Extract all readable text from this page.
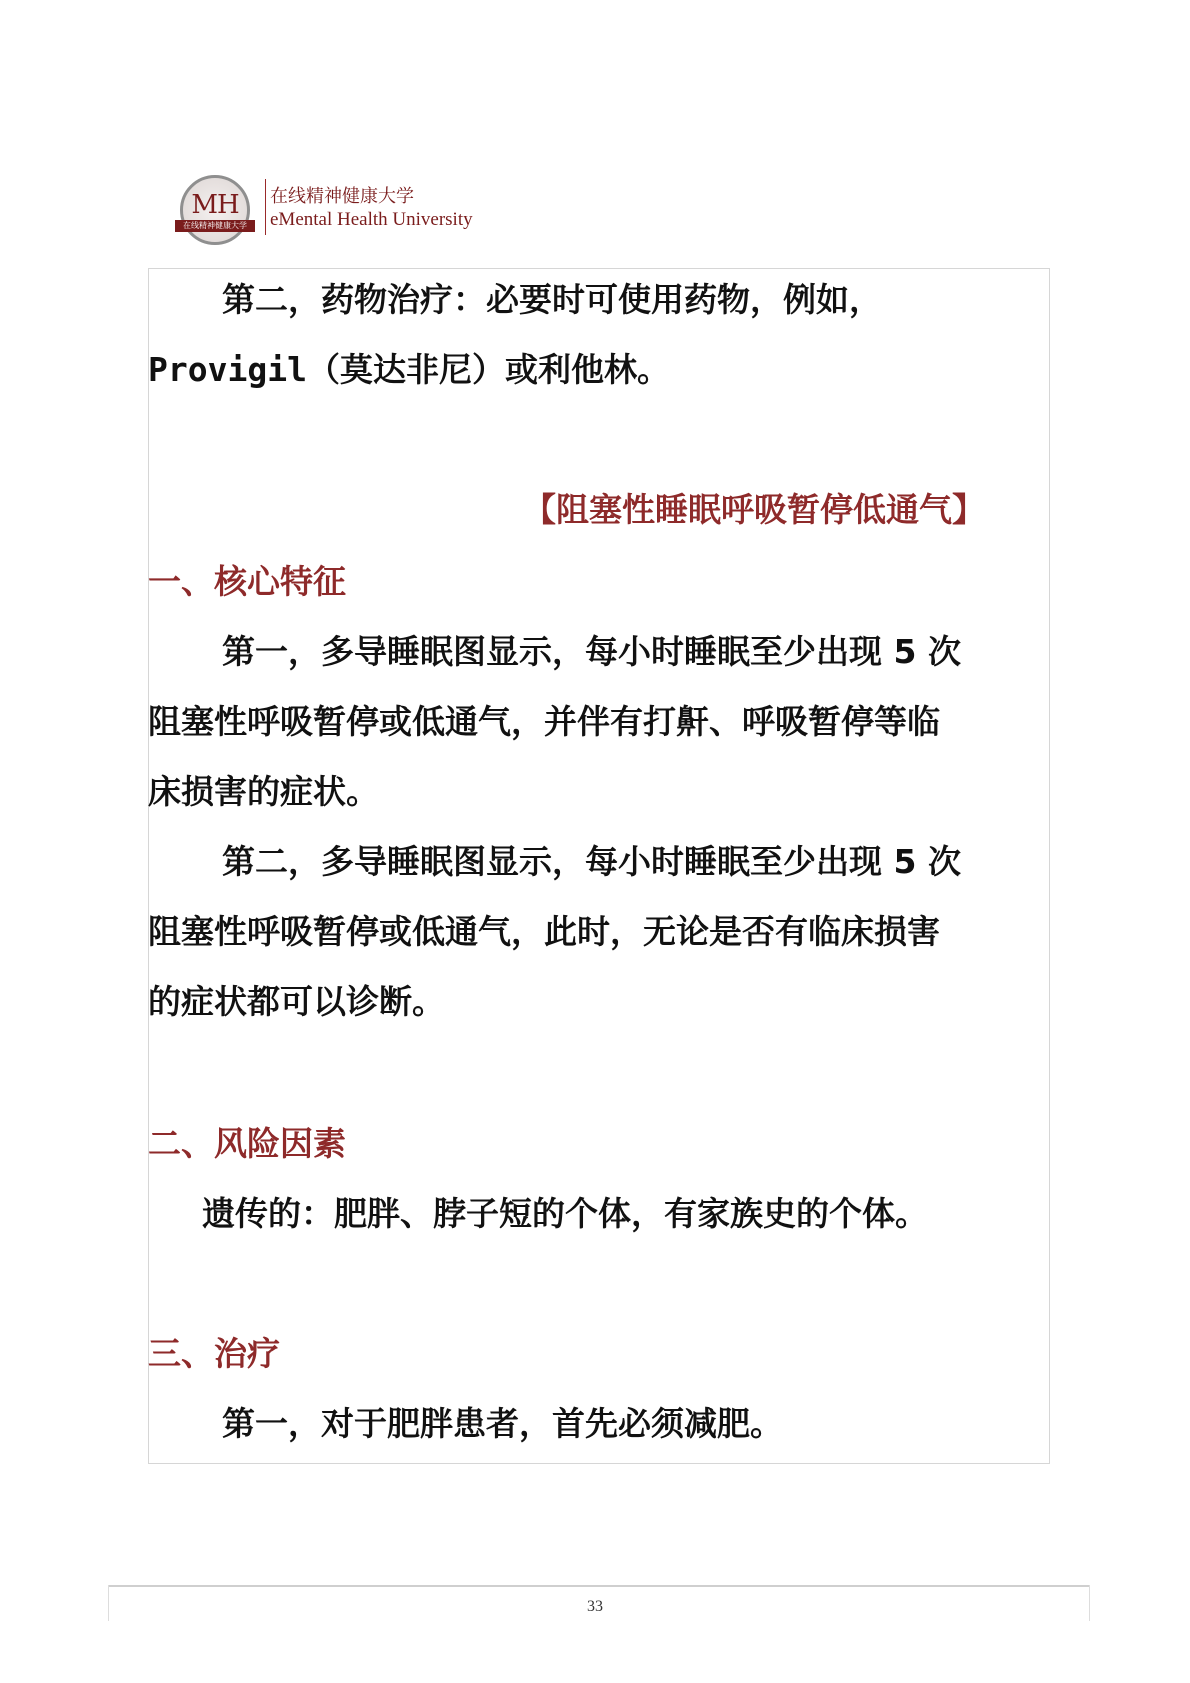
MH
在线精神健康大学
在线精神健康大学
eMental Health University
第二，药物治疗：必要时可使用药物，例如，
Provigil（莫达非尼）或利他林。
【阻塞性睡眠呼吸暂停低通气】
一、核心特征
第一，多导睡眠图显示，每小时睡眠至少出现 5 次
阻塞性呼吸暂停或低通气，并伴有打鼾、呼吸暂停等临
床损害的症状。
第二，多导睡眠图显示，每小时睡眠至少出现 5 次
阻塞性呼吸暂停或低通气，此时，无论是否有临床损害
的症状都可以诊断。
二、风险因素
遗传的：肥胖、脖子短的个体，有家族史的个体。
三、治疗
第一，对于肥胖患者，首先必须减肥。
33
